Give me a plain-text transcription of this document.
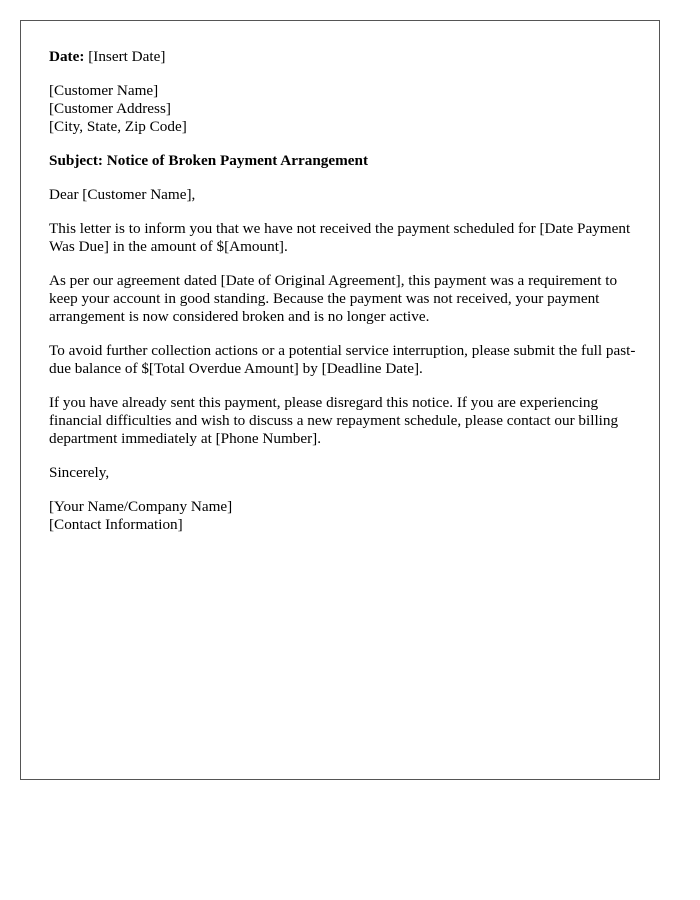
Date: [Insert Date]

[Customer Name]
[Customer Address]
[City, State, Zip Code]

Subject: Notice of Broken Payment Arrangement

Dear [Customer Name],

This letter is to inform you that we have not received the payment scheduled for [Date Payment Was Due] in the amount of $[Amount].

As per our agreement dated [Date of Original Agreement], this payment was a requirement to keep your account in good standing. Because the payment was not received, your payment arrangement is now considered broken and is no longer active.

To avoid further collection actions or a potential service interruption, please submit the full past-due balance of $[Total Overdue Amount] by [Deadline Date].

If you have already sent this payment, please disregard this notice. If you are experiencing financial difficulties and wish to discuss a new repayment schedule, please contact our billing department immediately at [Phone Number].

Sincerely,

[Your Name/Company Name]
[Contact Information]
